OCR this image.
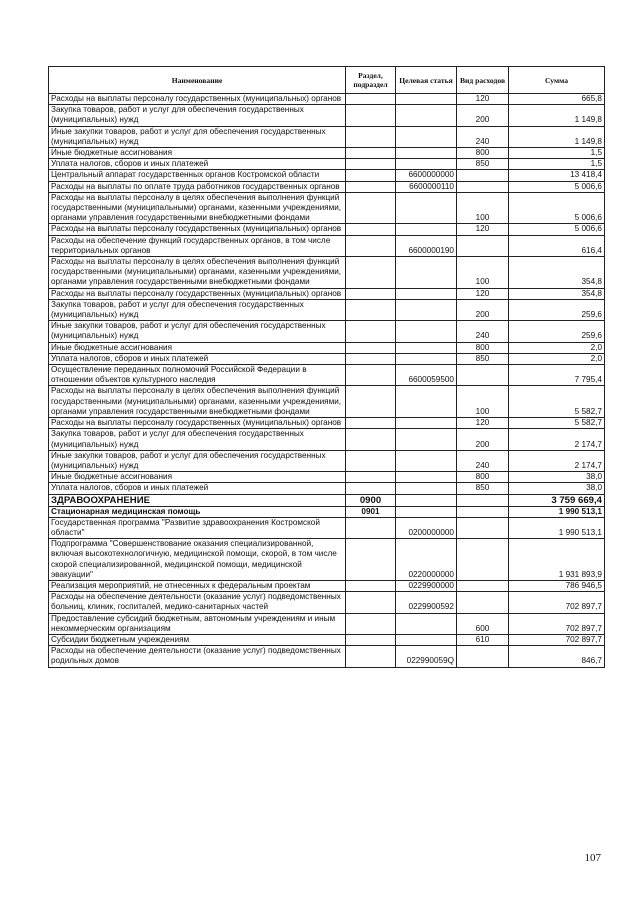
Наименование	Раздел, подраздел	Целевая статья	Вид расходов	Сумма
Расходы на выплаты персоналу государственных (муниципальных) органов			120	665,8
Закупка товаров, работ и услуг для обеспечения государственных (муниципальных) нужд			200	1 149,8
Иные закупки товаров, работ и услуг для обеспечения государственных (муниципальных) нужд			240	1 149,8
Иные бюджетные ассигнования			800	1,5
Уплата налогов, сборов и иных платежей			850	1,5
Центральный аппарат государственных органов Костромской области		6600000000		13 418,4
Расходы на выплаты по оплате труда работников государственных органов		6600000110		5 006,6
Расходы на выплаты персоналу в целях обеспечения выполнения функций государственными (муниципальными) органами, казенными учреждениями, органами управления государственными внебюджетными фондами			100	5 006,6
Расходы на выплаты персоналу государственных (муниципальных) органов			120	5 006,6
Расходы на обеспечение функций государственных органов, в том числе территориальных органов		6600000190		616,4
Расходы на выплаты персоналу в целях обеспечения выполнения функций государственными (муниципальными) органами, казенными учреждениями, органами управления государственными внебюджетными фондами			100	354,8
Расходы на выплаты персоналу государственных (муниципальных) органов			120	354,8
Закупка товаров, работ и услуг для обеспечения государственных (муниципальных) нужд			200	259,6
Иные закупки товаров, работ и услуг для обеспечения государственных (муниципальных) нужд			240	259,6
Иные бюджетные ассигнования			800	2,0
Уплата налогов, сборов и иных платежей			850	2,0
Осуществление переданных полномочий Российской Федерации в отношении объектов культурного наследия		6600059500		7 795,4
Расходы на выплаты персоналу в целях обеспечения выполнения функций государственными (муниципальными) органами, казенными учреждениями, органами управления государственными внебюджетными фондами			100	5 582,7
Расходы на выплаты персоналу государственных (муниципальных) органов			120	5 582,7
Закупка товаров, работ и услуг для обеспечения государственных (муниципальных) нужд			200	2 174,7
Иные закупки товаров, работ и услуг для обеспечения государственных (муниципальных) нужд			240	2 174,7
Иные бюджетные ассигнования			800	38,0
Уплата налогов, сборов и иных платежей			850	38,0
ЗДРАВООХРАНЕНИЕ	0900			3 759 669,4
Стационарная медицинская помощь	0901			1 990 513,1
Государственная программа "Развитие здравоохранения Костромской области"		0200000000		1 990 513,1
Подпрограмма "Совершенствование оказания специализированной, включая высокотехнологичную, медицинской помощи, скорой, в том числе скорой специализированной, медицинской помощи, медицинской эвакуации"		0220000000		1 931 893,9
Реализация мероприятий, не отнесенных к федеральным проектам		0229900000		786 946,5
Расходы на обеспечение деятельности (оказание услуг) подведомственных больниц, клиник, госпиталей, медико-санитарных частей		0229900592		702 897,7
Предоставление субсидий бюджетным, автономным учреждениям и иным некоммерческим организациям			600	702 897,7
Субсидии бюджетным учреждениям			610	702 897,7
Расходы на обеспечение деятельности (оказание услуг) подведомственных родильных домов		022990059Q		846,7
107
